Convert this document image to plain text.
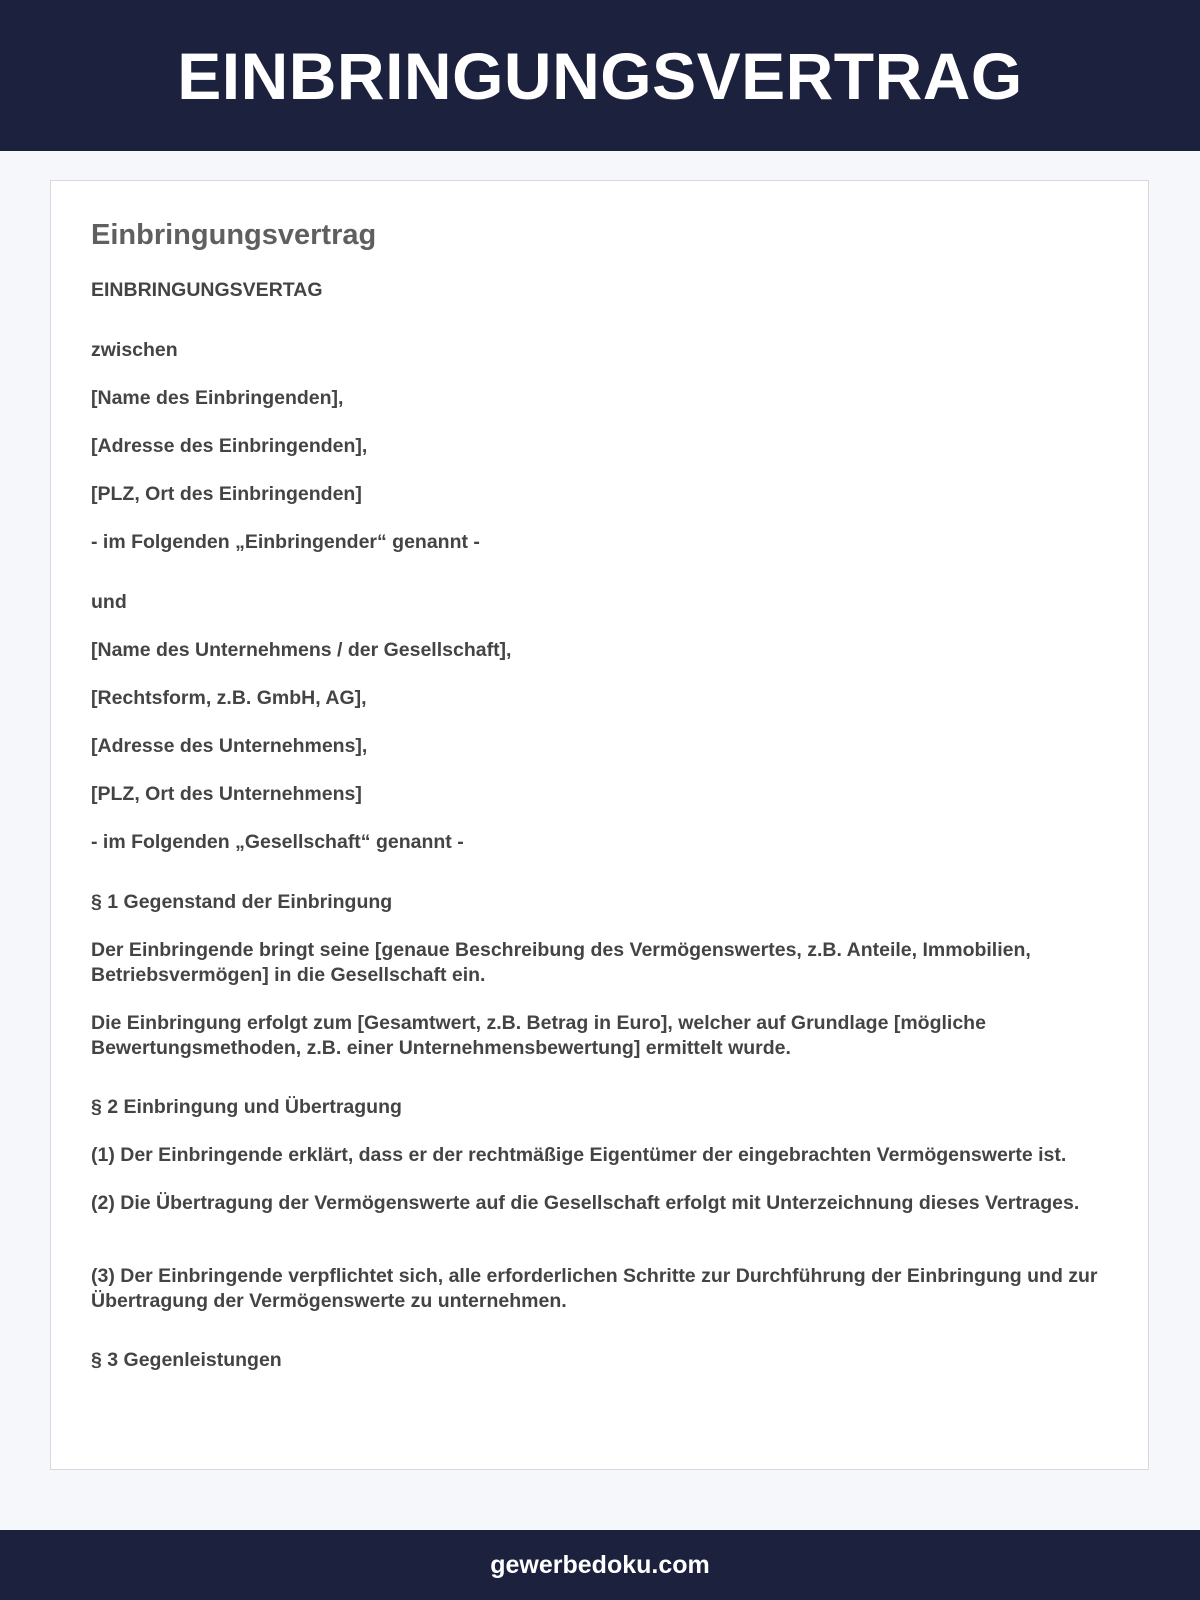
EINBRINGUNGSVERTRAG
Einbringungsvertrag

EINBRINGUNGSVERTAG

zwischen

[Name des Einbringenden],

[Adresse des Einbringenden],

[PLZ, Ort des Einbringenden]

- im Folgenden „Einbringender“ genannt -

und

[Name des Unternehmens / der Gesellschaft],

[Rechtsform, z.B. GmbH, AG],

[Adresse des Unternehmens],

[PLZ, Ort des Unternehmens]

- im Folgenden „Gesellschaft“ genannt -

§ 1 Gegenstand der Einbringung

Der Einbringende bringt seine [genaue Beschreibung des Vermögenswertes, z.B. Anteile, Immobilien, Betriebsvermögen] in die Gesellschaft ein.

Die Einbringung erfolgt zum [Gesamtwert, z.B. Betrag in Euro], welcher auf Grundlage [mögliche Bewertungsmethoden, z.B. einer Unternehmensbewertung] ermittelt wurde.

§ 2 Einbringung und Übertragung

(1) Der Einbringende erklärt, dass er der rechtmäßige Eigentümer der eingebrachten Vermögenswerte ist.

(2) Die Übertragung der Vermögenswerte auf die Gesellschaft erfolgt mit Unterzeichnung dieses Vertrages.

(3) Der Einbringende verpflichtet sich, alle erforderlichen Schritte zur Durchführung der Einbringung und zur Übertragung der Vermögenswerte zu unternehmen.

§ 3 Gegenleistungen

gewerbedoku.com
